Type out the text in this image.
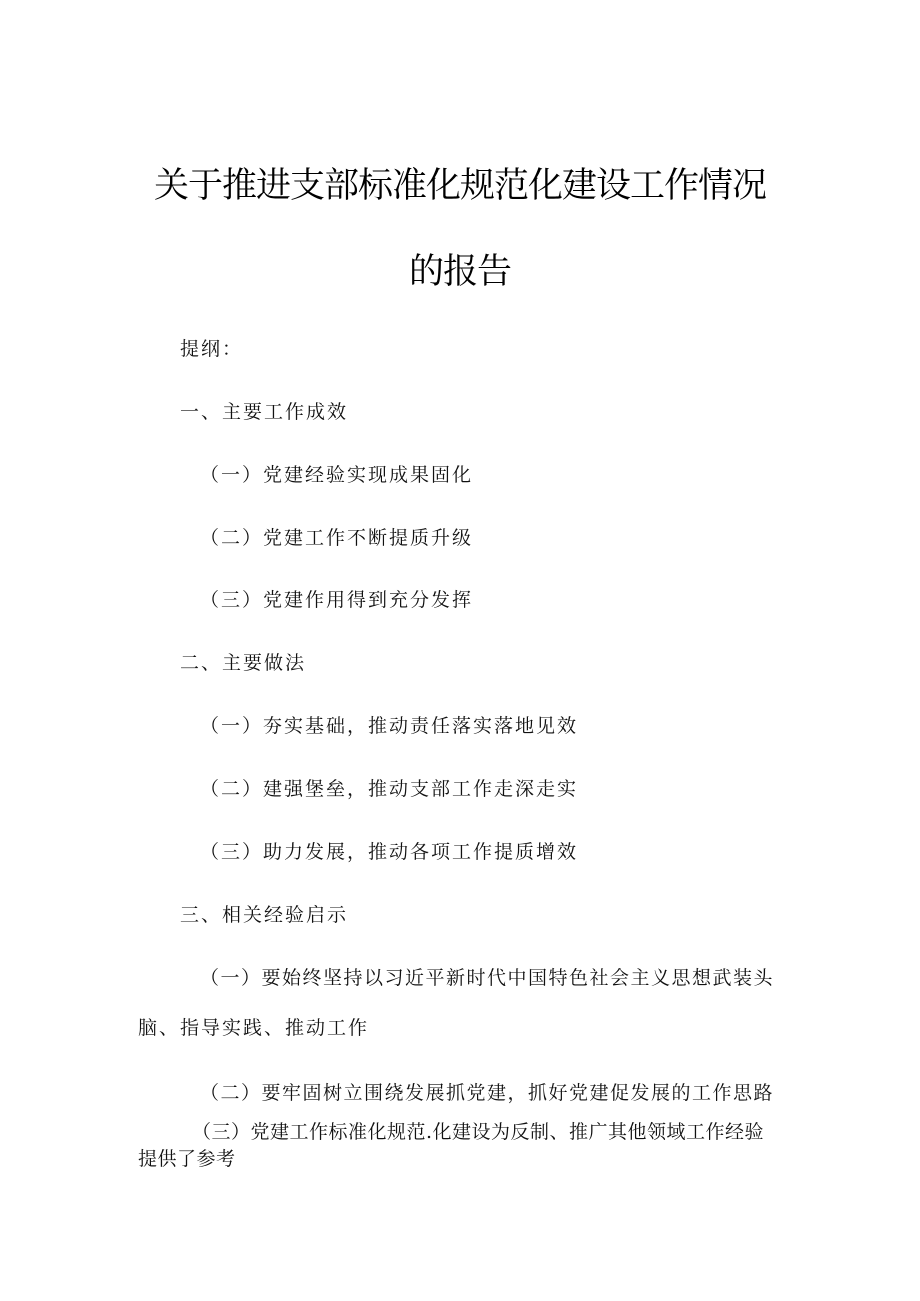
关于推进支部标准化规范化建设工作情况
的报告
提纲：
一、主要工作成效
（一）党建经验实现成果固化
（二）党建工作不断提质升级
（三）党建作用得到充分发挥
二、主要做法
（一）夯实基础，推动责任落实落地见效
（二）建强堡垒，推动支部工作走深走实
（三）助力发展，推动各项工作提质增效
三、相关经验启示
（一）要始终坚持以习近平新时代中国特色社会主义思想武装头
脑、指导实践、推动工作
（二）要牢固树立围绕发展抓党建，抓好党建促发展的工作思路
（三）党建工作标准化规范.化建设为反制、推广其他领域工作经验
提供了参考
